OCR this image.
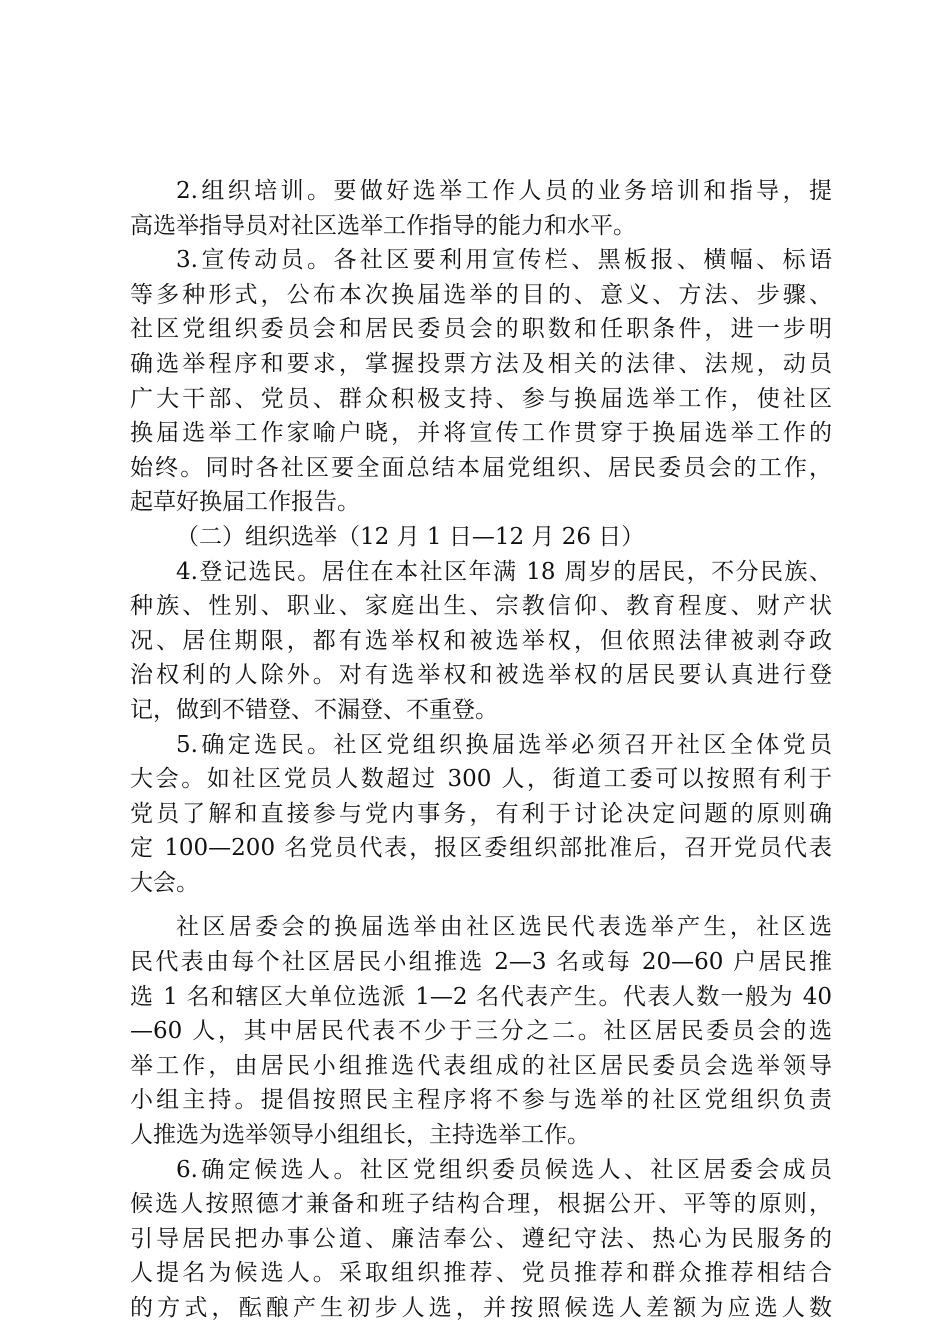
2.组织培训。要做好选举工作人员的业务培训和指导，提
高选举指导员对社区选举工作指导的能力和水平。
3.宣传动员。各社区要利用宣传栏、黑板报、横幅、标语
等多种形式，公布本次换届选举的目的、意义、方法、步骤、
社区党组织委员会和居民委员会的职数和任职条件，进一步明
确选举程序和要求，掌握投票方法及相关的法律、法规，动员
广大干部、党员、群众积极支持、参与换届选举工作，使社区
换届选举工作家喻户晓，并将宣传工作贯穿于换届选举工作的
始终。同时各社区要全面总结本届党组织、居民委员会的工作，
起草好换届工作报告。
（二）组织选举（12 月 1 日—12 月 26 日）
4.登记选民。居住在本社区年满 18 周岁的居民，不分民族、
种族、性别、职业、家庭出生、宗教信仰、教育程度、财产状
况、居住期限，都有选举权和被选举权，但依照法律被剥夺政
治权利的人除外。对有选举权和被选举权的居民要认真进行登
记，做到不错登、不漏登、不重登。
5.确定选民。社区党组织换届选举必须召开社区全体党员
大会。如社区党员人数超过 300 人，街道工委可以按照有利于
党员了解和直接参与党内事务，有利于讨论决定问题的原则确
定 100—200 名党员代表，报区委组织部批准后，召开党员代表
大会。
社区居委会的换届选举由社区选民代表选举产生，社区选
民代表由每个社区居民小组推选 2—3 名或每 20—60 户居民推
选 1 名和辖区大单位选派 1—2 名代表产生。代表人数一般为 40
—60 人，其中居民代表不少于三分之二。社区居民委员会的选
举工作，由居民小组推选代表组成的社区居民委员会选举领导
小组主持。提倡按照民主程序将不参与选举的社区党组织负责
人推选为选举领导小组组长，主持选举工作。
6.确定候选人。社区党组织委员候选人、社区居委会成员
候选人按照德才兼备和班子结构合理，根据公开、平等的原则，
引导居民把办事公道、廉洁奉公、遵纪守法、热心为民服务的
人提名为候选人。采取组织推荐、党员推荐和群众推荐相结合
的方式，酝酿产生初步人选，并按照候选人差额为应选人数
